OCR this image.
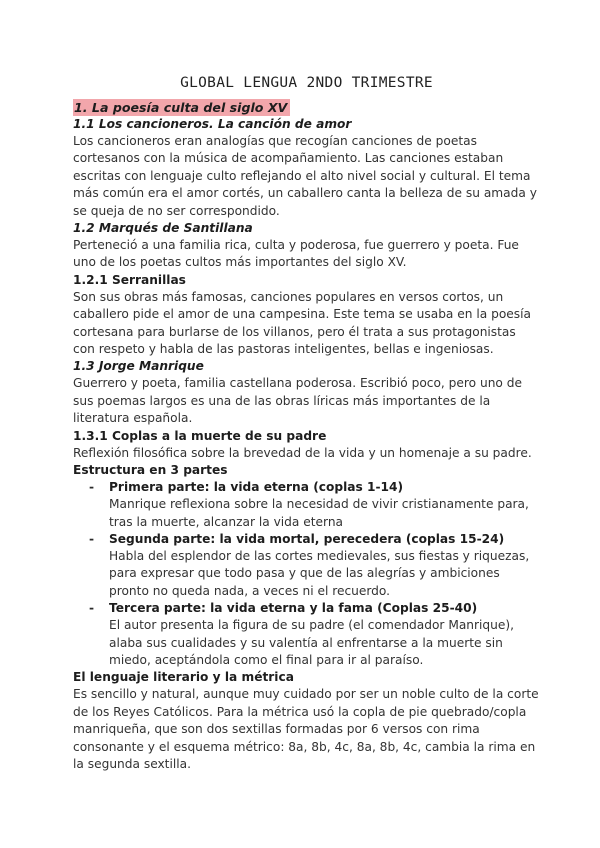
GLOBAL LENGUA 2NDO TRIMESTRE
1. La poesía culta del siglo XV
1.1 Los cancioneros. La canción de amor

Los cancioneros eran analogías que recogían canciones de poetas cortesanos con la música de acompañamiento. Las canciones estaban escritas con lenguaje culto reflejando el alto nivel social y cultural. El tema más común era el amor cortés, un caballero canta la belleza de su amada y se queja de no ser correspondido.

1.2 Marqués de Santillana

Perteneció a una familia rica, culta y poderosa, fue guerrero y poeta. Fue uno de los poetas cultos más importantes del siglo XV.

1.2.1 Serranillas

Son sus obras más famosas, canciones populares en versos cortos, un caballero pide el amor de una campesina. Este tema se usaba en la poesía cortesana para burlarse de los villanos, pero él trata a sus protagonistas con respeto y habla de las pastoras inteligentes, bellas e ingeniosas.

1.3 Jorge Manrique

Guerrero y poeta, familia castellana poderosa. Escribió poco, pero uno de sus poemas largos es una de las obras líricas más importantes de la literatura española.

1.3.1 Coplas a la muerte de su padre

Reflexión filosófica sobre la brevedad de la vida y un homenaje a su padre.

Estructura en 3 partes
- Primera parte: la vida eterna (coplas 1-14)

Manrique reflexiona sobre la necesidad de vivir cristianamente para, tras la muerte, alcanzar la vida eterna

- Segunda parte: la vida mortal, perecedera (coplas 15-24)

Habla del esplendor de las cortes medievales, sus fiestas y riquezas, para expresar que todo pasa y que de las alegrías y ambiciones pronto no queda nada, a veces ni el recuerdo.

- Tercera parte: la vida eterna y la fama (Coplas 25-40)

El autor presenta la figura de su padre (el comendador Manrique), alaba sus cualidades y su valentía al enfrentarse a la muerte sin miedo, aceptándola como el final para ir al paraíso.

El lenguaje literario y la métrica

Es sencillo y natural, aunque muy cuidado por ser un noble culto de la corte de los Reyes Católicos. Para la métrica usó la copla de pie quebrado/copla manriqueña, que son dos sextillas formadas por 6 versos con rima consonante y el esquema métrico: 8a, 8b, 4c, 8a, 8b, 4c, cambia la rima en la segunda sextilla.
